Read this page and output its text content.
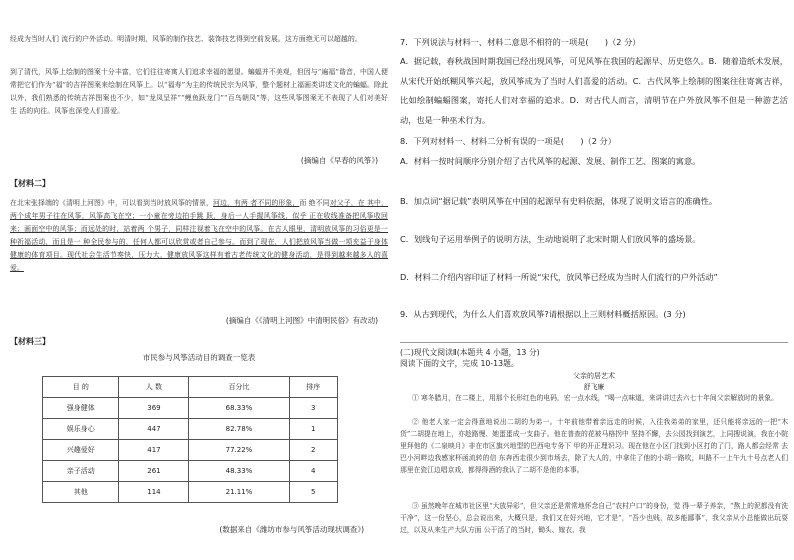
经成为当时人们 流行的户外活动。明清时期，风筝的制作技艺、装饰技艺得到空前发展。这方面绝无可以超越的。

到了清代，风筝上绘制的图案十分丰富，它们往往寄寓人们追求幸福的愿望。蝙蝠并不美观，但因与“遍福”谐音，中国人便常把它们作为“福”的吉祥图案来绘制在风筝上。以“福寿”为主的传统民宗为风筝，整个题材上福画类讲述文化的蝙蝠。除此以外，我们熟悉的传统吉祥图案也不少，如“龙凤呈祥”“鲤鱼跃龙门”“百鸟朝凤”等，这些风筝图案无不表现了人们对美好生 活的向往。风筝也深受人们喜爱。

(摘编自《早春的风筝》)
【材料二】

在北宋张择端的《清明上河图》中，可以看到当时放风筝的情景，河边，有两 者不同的形象，而 绝不同对父子，在 其中，两个成年男子往在风筝，风筝高飞在空；一小童在旁边拍手跳 跃，身后一人手握风筝线，似乎 正在收线准备把风筝收回来；画面空中的风筝；而远处的时，站着两 个男子，同样注视着飞在空中的风筝。在古人眼里，清明放风筝的习俗更是一种祈福活动，而且是一 种全民参与的，任何人都可以欣赏或者自己参与。而到了现在，人们把放风筝当做一项充益于身体健康的体育项目。现代社会生活节奏快，压力大，健康放风筝这样有着古老传统文化的健身活动，是得到越来越多人的喜爱。

(摘编自《《清明上河图》中清明民俗》有改动)
【材料三】
市民参与风筝活动目的调查一览表
目 的	人 数	百分比	排序
强身健体	369	68.33%	3
娱乐身心	447	82.78%	1
兴趣爱好	417	77.22%	2
亲子活动	261	48.33%	4
其他	114	21.11%	5
(数据来自《潍坊市参与风筝活动现状调查》)

7．下列说法与材料一、材料二意思不相符的一项是(　　)（2 分）

A．据记载，春秋战国时期我国已经出现风筝，可见风筝在我国的起源早、历史悠久。B．随着造纸术发展，从宋代开始纸糊风筝兴起，放风筝成为了当时人们喜爱的活动。C．古代风筝上绘制的图案往往寄寓吉祥，比如绘制蝙蝠图案，寄托人们对幸福的追求。D．对古代人而言，清明节在户外放风筝不但是一种游艺活动，也是一种巫术行为。

8．下列对材料一、材料二分析有误的一项是(　　)（2 分）

A．材料一按时间顺序分别介绍了古代风筝的起源、发展、制作工艺、图案的寓意。

B．加点词“据记载”表明风筝在中国的起源早有史料依据，体现了说明文语言的准确性。

C．划线句子运用举例子的说明方法，生动地说明了北宋时期人们放风筝的盛场景。

D．材料二介绍内容印证了材料一所说“宋代，放风筝已经成为当时人们流行的户外活动”

9．从古到现代，为什么人们喜欢放风筝?请根据以上三则材料概括原因。(3 分)

(二)现代文阅读Ⅱ(本题共 4 小题，13 分)

阅读下面的文字，完成 10-13题。

父亲的居艺术
舒飞廉

① 寒冬腊月，在二楼上，用那个长形红色的电码，宏一点水线，“喝一点味道，来讲讲过去六七十年间父亲解放时的景象。

② 他老人家一定会得意地说出二胡的为弟一。十年前他带着亲远走的时候，入往我弟弟的家里，还只能将亲远的一把“木货”二胡提在地上，亦趁路慢、她蛋蛋成一支曲子。他在普查的花被马格拐中 坚持不懈，去公园找到演艺，上同搜说演，我在小院里拜他的《二泉映月》非在市区旗兴地型的巴西电专务下 甲的开正理识习。现在他在小区门找到小区打的了门，路人都会经常 去巴小河畔边我感家杯函流转的信 东奔西走很少到市场去，除了大人的，中拿住了他的小胡一路吹，叫路不一上午九十号点老人们那里在瓷江边唱京戏，都得得酒的我认了二胡不是他的本事。

③ 虽然晚年在城市社区里“大放异彩”，但父亲还是常常地怀念自己“农村户口”的身份，觉 得一辈子养亲，“熬上的泥都没有洗干净”，这一份坚心，总会说出来，大概只是，我们又在好兴地，它才是“，“吾少也贱，故多能鄙事”，我父亲从小总能做出玩耍过，以及从来生产大队方面 公干活了的当时，锄头、嫁衣、我
